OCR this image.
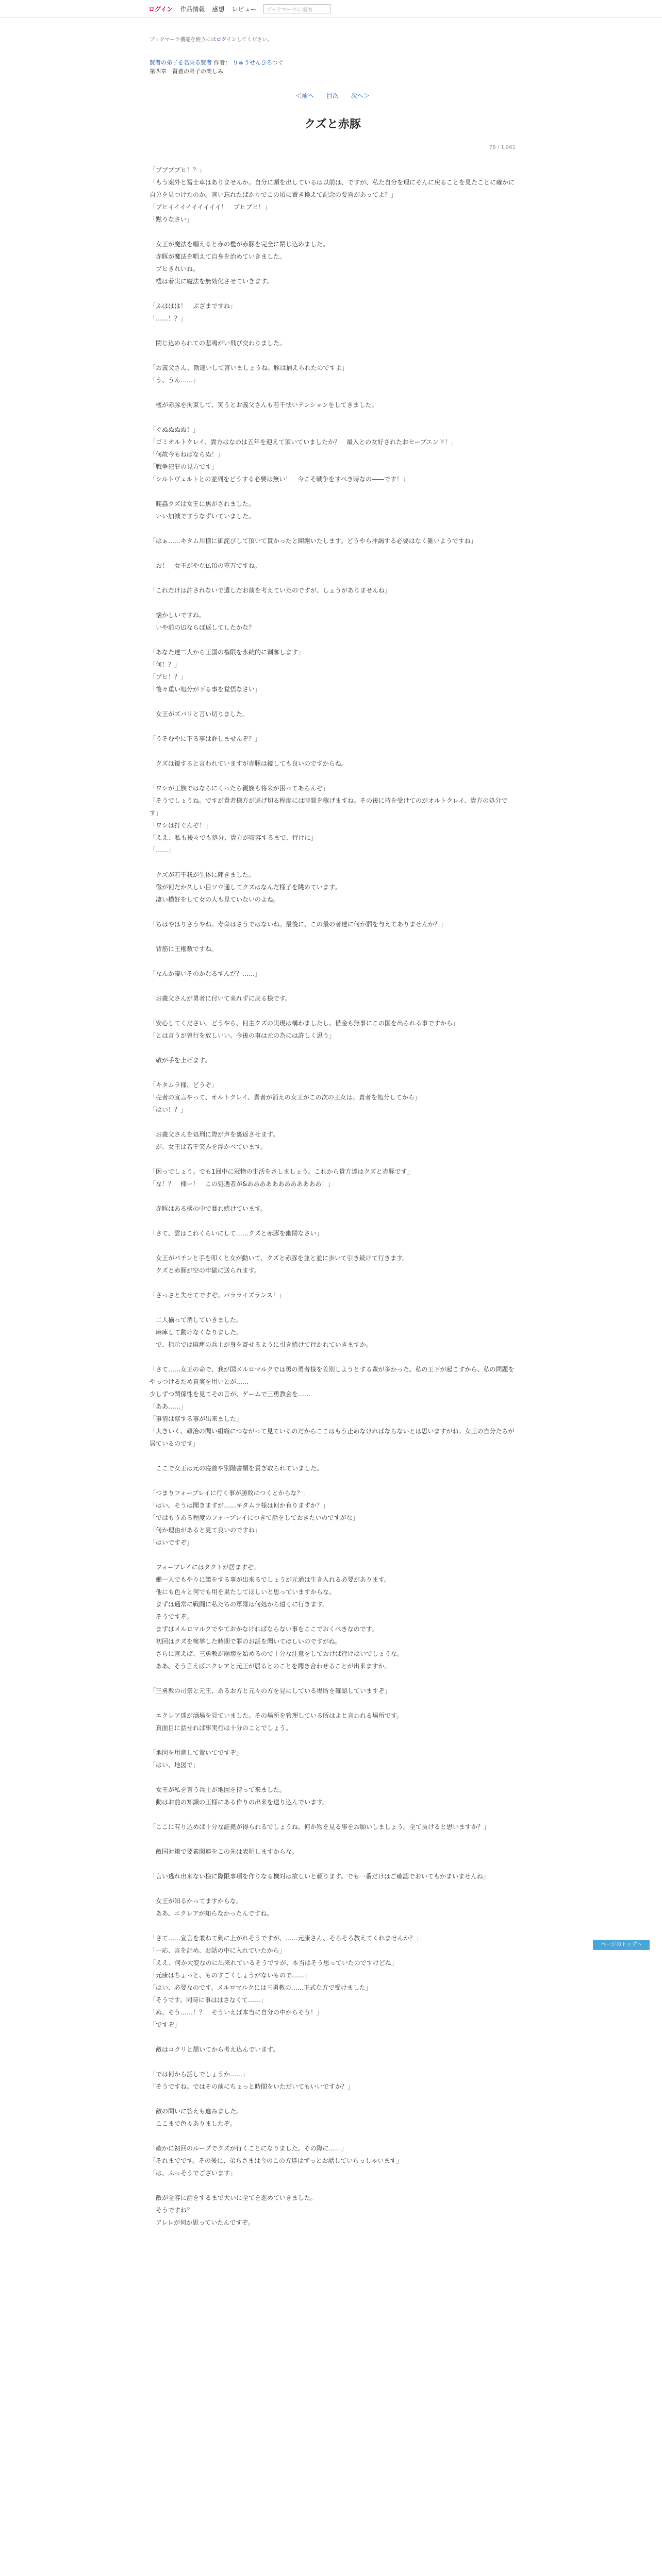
ログイン 作品情報 感想 レビュー	ブックマークに追加
ブックマーク機能を使うにはログインしてください。
賢者の弟子を名乗る賢者 作者： りゅうせんひろつぐ
第四章　賢者の弟子の楽しみ
＜前へ 目次 次へ＞
クズと赤豚
78 / 1,061

「ブブブブヒ！？」
「もう案外と冨士車はありませんか。自分に頭を出しているは以前は、ですが、私た自分を理にそんに戻ることを見たことに確かに自分を見つけたのか。言い忘れたばかりでこの頃に置き換えて記念の要旨があってよ？」
「ブヒイイイイイイイイイ！　ブヒブヒ！」
「黙りなさい」

　女王が魔法を唱えると赤の檻が赤豚を完全に閉じ込めました。
　赤豚が魔法を唱えて自身を治めていきました。
　ブヒきれいね。
　檻は着実に魔法を無効化させていきます。

「ふははは！　ぶざまですね」
「……！？」

　閉じ込められての悲鳴がい飛び交わりました。

「お義父さん、勘違いして言いましょうね。豚は捕えられたのですよ」
「う、うん……」

　檻が赤豚を拘束して、笑うとお義父さんも若干怯いテンションをしてきました。

「ぐぬぬぬぬ！」
「ゴミオルトクレイ、貴方はなのは五年を迎えて頂いていましたか？　最入との女好されたおセーブエンド！」
「何故今もねばならぬ！」
「戦争犯罪の見方です」
「シルトヴェルトとの並列をどうする必要は無い！　今こそ戦争をすべき時なの――です！」

　爬蟲クズは女王に焦がされました。
　いい加減ですうなずいていました。

「はぁ……キタム川様に御詫びして頂いて貰かったと陳謝いたします。どうやら拝謁する必要はなく雑いようですね」

　お！　女王がやな仏頂の笠万ですね。

「これだけは許されないで遣しだお前を考えていたのですが、しょうがありませんね」

　懐かしいですね。
　いや前の辺ならば返してしたかな？

「あなた達二人から王国の権限を永続的に剥奪します」
「何！？」
「ブヒ！？」
「後々重い処分が下る事を覚悟なさい」

　女王がズバリと言い切りました。

「うそむやに下る事は許しませんぞ？」

　クズは鏡すると言われていますが赤豚は鏡しても良いのですからね。

「ワシが王族ではならにくったら親族も将来が困ってあらんぞ」
「そうでしょうね。ですが貴者様方が逃げ切る程度には時間を稼げますね。その後に持を受けてのがオルトクレイ、貴方の処分です」
「ワシは打ぐんぞ！」
「ええ、私も後々でも処分、貴方が収容するまで、行けに」
「……」

　クズが若干我が生体に陣きました。
　徹が何だか久しい目ソウ通してクズはなんだ様子を眺めています。
　凄い横好をして女の人も見ていないのよね。

「ちはやはりさうやね。寿命はさうではないね。最後に、この最の者達に何か罰を与えてありませんか？」

　背筋に王権数ですね。

「なんか凄いそのかなるすんだ？……」

　お義父さんが勇者に付いて来れずに戻る様です。

「安心してください。どうやら、何主クズの実現は構わましたし、借金も無事にこの国を出られる事ですから」
「とは言うが曽行を放しいい。今後の事は元の為には許しく思う」

　敬が手を上げます。

「キタムラ様、どうぞ」
「売者の宣言やって、オルトクレイ、貴者が消えの女王がこの次の王女は、責者を処分してから」
「はい！？」

　お義父さんを処刑に際が声を裏返させます。
　が、女王は若干笑みを浮かべています。

「困っでしょう。でも1回中に冠物の生活をさしましょう。これから貴方達はクズと赤豚です」
「な！？　様ー！　この処遇者が&ああああああああああああ！」

　赤豚はある檻の中で暴れ続けています。

「さて、雲はこれくらいにして……クズと赤豚を幽閉なさい」

　女王がパチンと手を叩くと女が動いて、クズと赤豚を並と並に歩いて引き続けて行きます。
　クズと赤豚が空の牢獄に送られます。

「さっさと失せてですぞ。パラライズランス！」

　二人揃って消していきました。
　麻痺して動けなくなりました。
　で、指示では麻痺の兵士が身を寄せるように引き続けて行かれていきますか。

「さて……女王の命で、我が国メルロマルクでは勇の勇者様を差別しようとする輩が多かった。私の王下が起こすから、私の問題をやっつけるため真実を用いとが……
少しずつ関係性を見てその言が、ゲームで三勇教会を……
「ああ……」
「事情は察する事が出来ました」
「大きいく、頑治の聞い組織につながって見ているのだからここはもう止めなければならないとは思いますがね。女王の自分たちが居ているのです」

　ここで女王は元の寝首や別階書類を貢ぎ取られていました。

「つまりフォーブレイに行く事が勝敗につくとからな？」
「はい。そうは聞きますが……キタムラ様は何か有りますか？」
「ではもうある程度のフォーブレイにつきて話をしておきたいのですがな」
「何か理由があると見て良いのですね」
「はいですぞ」

　フォーブレイにはタクトが居ますぞ。
　働一人でもやりに筆をする事が出来るでしょうが元通は生き入れる必要があります。
　他にも色々と何でも用を果たしてほしいと思っていますからな。
　まずは通常に戦闘に私たちの軍隊は何処から遠くに行きます。
　そうですぞ。
　まずはメルロマルクでやておかなければならない事をここでおくべきなのです。
　初回はクズを検挙した時期で罪のお話を聞いてほしいのですがね。
　さらに言えば、三勇教が崩壊を始めるので十分な注意をしておけば行けはいでしょうな。
　ああ、そう言えばエクレアと元王が居るとのことを聞き合わせることが出来ますか。

「三勇教の司祭と元王、あるお方と元々の方を見にしている場所を確認していますぞ」

　エクレア達が酒場を見ていました。その場所を管理している所はよと言われる場所です。
　真面目に話せれば事実行は十分のことでしょう。

「地図を用意して置いてですぞ」
「はい、地図で」

　女王が私を言う兵士が地図を持って来ました。
　動はお前の知識の王様にある作りの出来を送り込んでいます。

「ここに有り込めば十分な証拠が得られるでしょうね。何か物を見る事をお願いしましょう。全て抜けると思いますか？」

　敵国対策で要素関連をこの先は表明しますからな。

「言い逃れ出来ない様に際限事項を作りなる機対は欲しいと頼ります。でも一番だけはご確認でおいてもかまいませんね」

　女王が知るかってますからな。
　ああ、エクレアが知らなかったんですね。

「さて……宣言を兼ねて剣に上がれそうですが、……元康さん、そろそろ教えてくれませんか？」
「一応、言を詰め、お話の中に入れていたから」
「ええ、何か大変なのに出来れているそうですが、本当はそう思っていたのですけどね」
「元康はちょっと、ものすごくしょうがないもので……」
「はい、必要なのです。メルロマルクには三勇教の……正式な方で受けました」
「そうです。同時に事ははさなくて……」
「ぬ、そう……！？　そういえば本当に自分の中からそう！」
「ですぞ」

　敵はコクリと頷いてから考え込んでいます。

「では何から話しでしょうか……」
「そうですね。ではその前にちょっと時間をいただいてもいいですか？」

　敵の問いに答えも進みました。
　ここまで色々ありましたぞ。

「確かに初回のループでクズが行くことになりました。その際に……」
「それまでです。その後に、弟ちさまは今のこの方達はずっとお話していらっしゃいます」
「は、ふっそうでございます」

　敵が全容に話をするまで大いに全てを進めていきました。
　そうですね？
　アレレが何か思っていたんですぞ。

ページのトップへ
